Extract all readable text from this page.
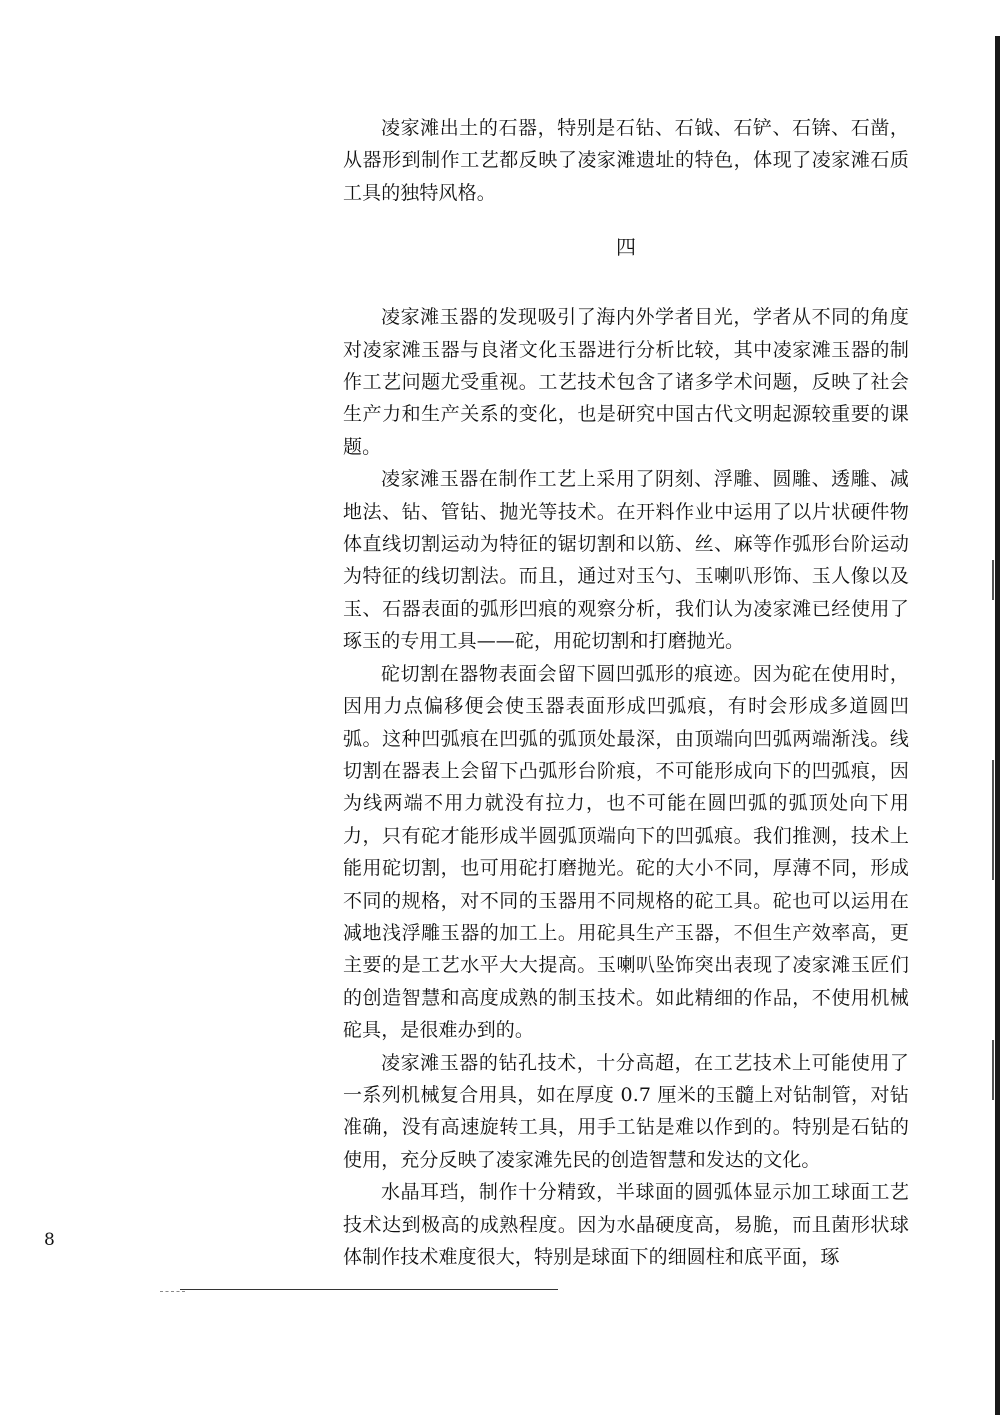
凌家滩出土的石器，特别是石钻、石钺、石铲、石锛、石凿，从器形到制作工艺都反映了凌家滩遗址的特色，体现了凌家滩石质工具的独特风格。

四

凌家滩玉器的发现吸引了海内外学者目光，学者从不同的角度对凌家滩玉器与良渚文化玉器进行分析比较，其中凌家滩玉器的制作工艺问题尤受重视。工艺技术包含了诸多学术问题，反映了社会生产力和生产关系的变化，也是研究中国古代文明起源较重要的课题。

凌家滩玉器在制作工艺上采用了阴刻、浮雕、圆雕、透雕、减地法、钻、管钻、抛光等技术。在开料作业中运用了以片状硬件物体直线切割运动为特征的锯切割和以筋、丝、麻等作弧形台阶运动为特征的线切割法。而且，通过对玉勺、玉喇叭形饰、玉人像以及玉、石器表面的弧形凹痕的观察分析，我们认为凌家滩已经使用了琢玉的专用工具——砣，用砣切割和打磨抛光。

砣切割在器物表面会留下圆凹弧形的痕迹。因为砣在使用时，因用力点偏移便会使玉器表面形成凹弧痕，有时会形成多道圆凹弧。这种凹弧痕在凹弧的弧顶处最深，由顶端向凹弧两端渐浅。线切割在器表上会留下凸弧形台阶痕，不可能形成向下的凹弧痕，因为线两端不用力就没有拉力，也不可能在圆凹弧的弧顶处向下用力，只有砣才能形成半圆弧顶端向下的凹弧痕。我们推测，技术上能用砣切割，也可用砣打磨抛光。砣的大小不同，厚薄不同，形成不同的规格，对不同的玉器用不同规格的砣工具。砣也可以运用在减地浅浮雕玉器的加工上。用砣具生产玉器，不但生产效率高，更主要的是工艺水平大大提高。玉喇叭坠饰突出表现了凌家滩玉匠们的创造智慧和高度成熟的制玉技术。如此精细的作品，不使用机械砣具，是很难办到的。

凌家滩玉器的钻孔技术，十分高超，在工艺技术上可能使用了一系列机械复合用具，如在厚度 0.7 厘米的玉髓上对钻制管，对钻准确，没有高速旋转工具，用手工钻是难以作到的。特别是石钻的使用，充分反映了凌家滩先民的创造智慧和发达的文化。

水晶耳珰，制作十分精致，半球面的圆弧体显示加工球面工艺技术达到极高的成熟程度。因为水晶硬度高，易脆，而且菌形状球体制作技术难度很大，特别是球面下的细圆柱和底平面，琢

8
